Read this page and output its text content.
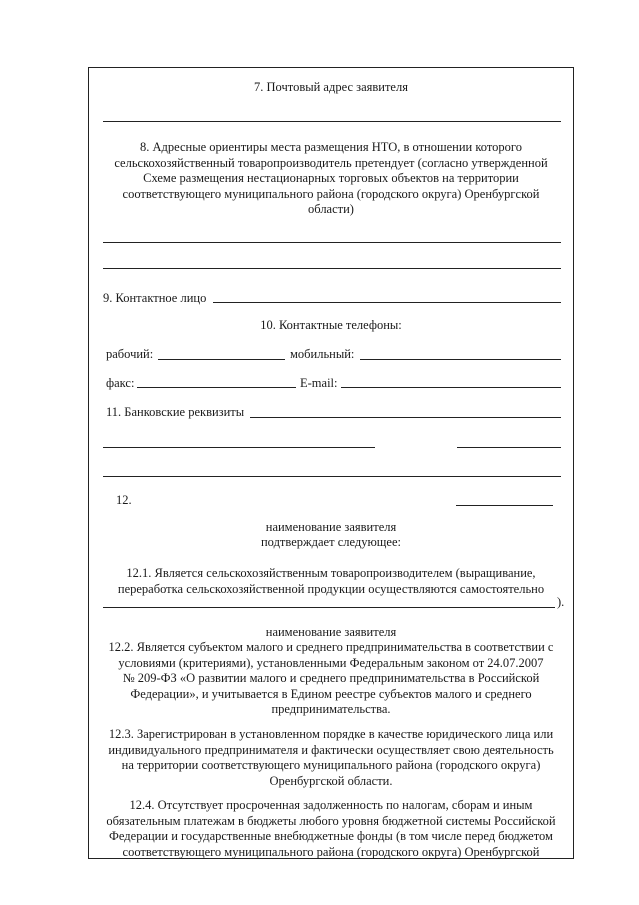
7. Почтовый адрес заявителя
8. Адресные ориентиры места размещения НТО, в отношении которого
сельскохозяйственный товаропроизводитель претендует (согласно утвержденной
Схеме размещения нестационарных торговых объектов на территории
соответствующего муниципального района (городского округа) Оренбургской
области)
9. Контактное лицо
10. Контактные телефоны:
рабочий:	мобильный:
факс:	E-mail:
11. Банковские реквизиты
12.
наименование заявителя
подтверждает следующее:
12.1. Является сельскохозяйственным товаропроизводителем (выращивание,
переработка сельскохозяйственной продукции осуществляются самостоятельно
).
наименование заявителя
12.2. Является субъектом малого и среднего предпринимательства в соответствии с
условиями (критериями), установленными Федеральным законом от 24.07.2007
№ 209-ФЗ «О развитии малого и среднего предпринимательства в Российской
Федерации», и учитывается в Едином реестре субъектов малого и среднего
предпринимательства.
12.3. Зарегистрирован в установленном порядке в качестве юридического лица или
индивидуального предпринимателя и фактически осуществляет свою деятельность
на территории соответствующего муниципального района (городского округа)
Оренбургской области.
12.4. Отсутствует просроченная задолженность по налогам, сборам и иным
обязательным платежам в бюджеты любого уровня бюджетной системы Российской
Федерации и государственные внебюджетные фонды (в том числе перед бюджетом
соответствующего муниципального района (городского округа) Оренбургской
